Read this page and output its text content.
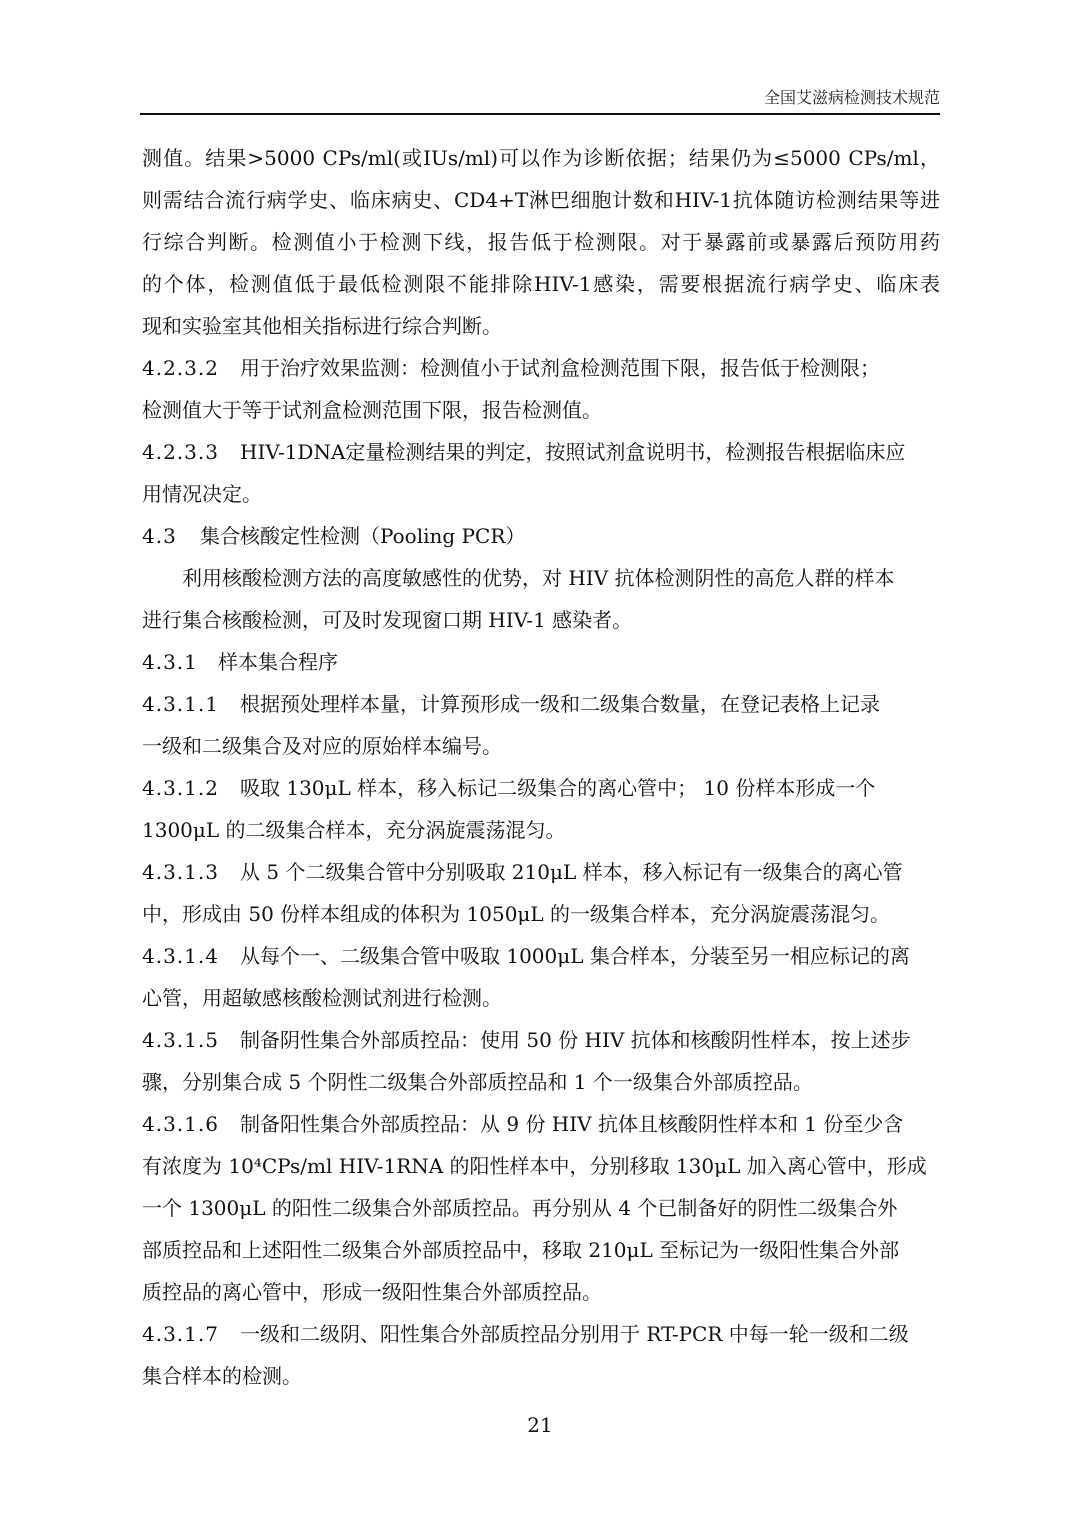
全国艾滋病检测技术规范
测值。结果>5000 CPs/ml(或IUs/ml)可以作为诊断依据；结果仍为≤5000 CPs/ml，
则需结合流行病学史、临床病史、CD4+T淋巴细胞计数和HIV-1抗体随访检测结果等进
行综合判断。检测值小于检测下线，报告低于检测限。对于暴露前或暴露后预防用药
的个体，检测值低于最低检测限不能排除HIV-1感染，需要根据流行病学史、临床表
现和实验室其他相关指标进行综合判断。
4.2.3.2	用于治疗效果监测：检测值小于试剂盒检测范围下限，报告低于检测限；
检测值大于等于试剂盒检测范围下限，报告检测值。
4.2.3.3	HIV-1DNA定量检测结果的判定，按照试剂盒说明书，检测报告根据临床应
用情况决定。
4.3	集合核酸定性检测（Pooling PCR）
利用核酸检测方法的高度敏感性的优势，对 HIV 抗体检测阴性的高危人群的样本
进行集合核酸检测，可及时发现窗口期 HIV-1 感染者。
4.3.1	样本集合程序
4.3.1.1	根据预处理样本量，计算预形成一级和二级集合数量，在登记表格上记录
一级和二级集合及对应的原始样本编号。
4.3.1.2	吸取 130μL 样本，移入标记二级集合的离心管中； 10 份样本形成一个
1300μL 的二级集合样本，充分涡旋震荡混匀。
4.3.1.3	从 5 个二级集合管中分别吸取 210μL 样本，移入标记有一级集合的离心管
中，形成由 50 份样本组成的体积为 1050μL 的一级集合样本，充分涡旋震荡混匀。
4.3.1.4	从每个一、二级集合管中吸取 1000μL 集合样本，分装至另一相应标记的离
心管，用超敏感核酸检测试剂进行检测。
4.3.1.5	制备阴性集合外部质控品：使用 50 份 HIV 抗体和核酸阴性样本，按上述步
骤，分别集合成 5 个阴性二级集合外部质控品和 1 个一级集合外部质控品。
4.3.1.6	制备阳性集合外部质控品：从 9 份 HIV 抗体且核酸阴性样本和 1 份至少含
有浓度为 10⁴CPs/ml HIV-1RNA 的阳性样本中，分别移取 130μL 加入离心管中，形成
一个 1300μL 的阳性二级集合外部质控品。再分别从 4 个已制备好的阴性二级集合外
部质控品和上述阳性二级集合外部质控品中，移取 210μL 至标记为一级阳性集合外部
质控品的离心管中，形成一级阳性集合外部质控品。
4.3.1.7	一级和二级阴、阳性集合外部质控品分别用于 RT-PCR 中每一轮一级和二级
集合样本的检测。
21
